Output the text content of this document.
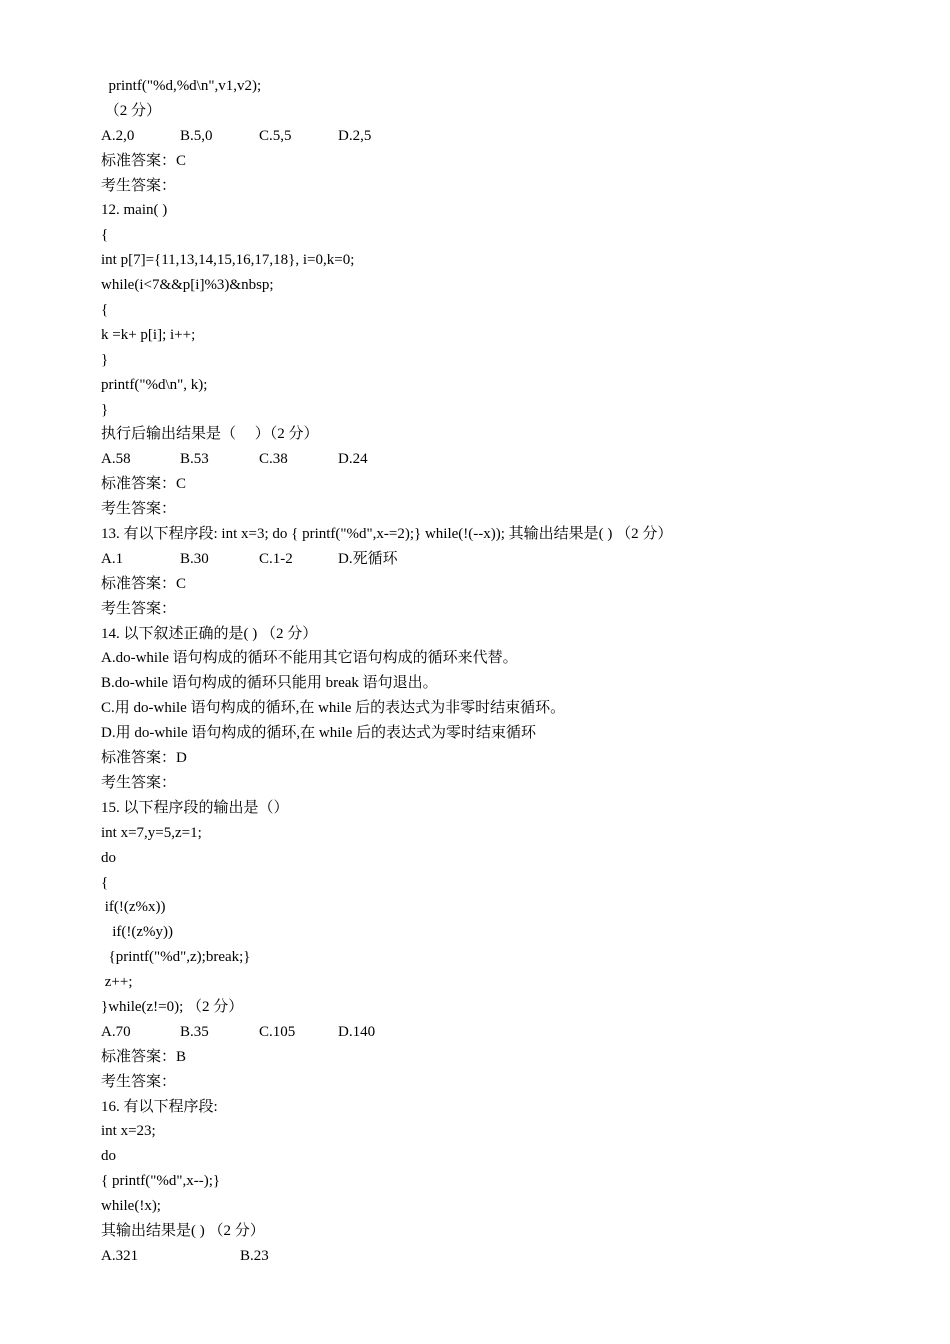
printf("%d,%d\n",v1,v2);
（2 分）
A.2,0	B.5,0	C.5,5	D.2,5
标准答案：C
考生答案：
12. main( )
{
int p[7]={11,13,14,15,16,17,18}, i=0,k=0;
while(i<7&&p[i]%3)&nbsp;
{
k =k+ p[i]; i++;
}
printf("%d\n", k);
}
执行后输出结果是（     ）（2 分）
A.58	B.53	C.38	D.24
标准答案：C
考生答案：
13. 有以下程序段: int x=3; do { printf("%d",x-=2);} while(!(--x)); 其输出结果是( ) （2 分）
A.1	B.30	C.1-2	D.死循环
标准答案：C
考生答案：
14. 以下叙述正确的是( ) （2 分）
A.do-while 语句构成的循环不能用其它语句构成的循环来代替。
B.do-while 语句构成的循环只能用 break 语句退出。
C.用 do-while 语句构成的循环,在 while 后的表达式为非零时结束循环。
D.用 do-while 语句构成的循环,在 while 后的表达式为零时结束循环
标准答案：D
考生答案：
15. 以下程序段的输出是（）
int x=7,y=5,z=1;
do
{
if(!(z%x))
if(!(z%y))
{printf("%d",z);break;}
z++;
}while(z!=0); （2 分）
A.70	B.35	C.105	D.140
标准答案：B
考生答案：
16. 有以下程序段:
int x=23;
do
{ printf("%d",x--);}
while(!x);
其输出结果是( ) （2 分）
A.321	B.23
